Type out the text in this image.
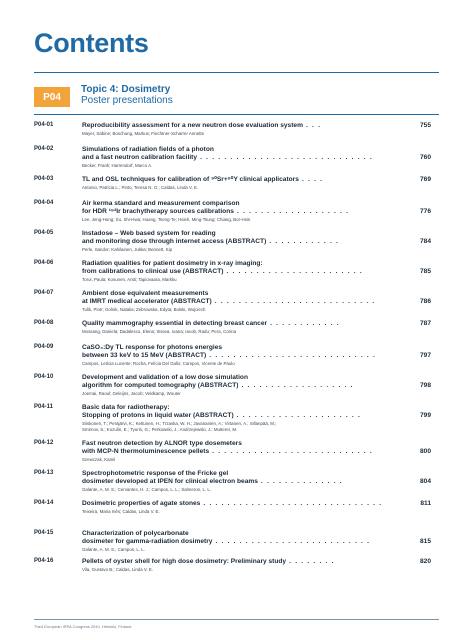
Contents
P04
Topic 4: Dosimetry
Poster presentations
P04-01	Reproducibility assessment for a new neutron dose evaluation system . . .
Mayer, Sabine; Boschung, Markus; Fiechtner-Scharrer Annette
755
P04-02	Simulations of radiation fields of a photon
and a fast neutron calibration facility . . . . . . . . . . . . . . . . . . . . . . . . . . . . .
Becker, Frank; Harrendorf, Marco A.
760
P04-03	TL and OSL techniques for calibration of ⁹⁰Sr+⁹⁰Y clinical applicators . . . .
Antonio, Patrícia L.; Pinto, Teresa N. O.; Caldas, Linda V. E.
769
P04-04	Air kerma standard and measurement comparison
for HDR ¹⁹²Ir brachytherapy sources calibrations . . . . . . . . . . . . . . . . . . .
Lee, Jeng-Hung; Su, Shi-Hwa; Huang, Tseng-Te; Hsieh, Ming-Tsung; Chiang, Bor-Hsin
776
P04-05	Instadose – Web based system for reading
and monitoring dose through internet access (ABSTRACT) . . . . . . . . . . . .
Perle, Sandor; Kahilainen, Jukka; Bennett, Kip
784
P04-06	Radiation qualities for patient dosimetry in x-ray imaging:
from calibrations to clinical use (ABSTRACT) . . . . . . . . . . . . . . . . . . . . . . .
Toroi, Paula; Kosunen, Antti; Tapiovaara, Markku
785
P04-07	Ambient dose equivalent measurements
at IMRT medical accelerator (ABSTRACT) . . . . . . . . . . . . . . . . . . . . . . . . . . .
Tulik, Piotr; Golnik, Natalia; Zebrowska, Edyta; Bulski, Wojciech
786
P04-08	Quality mammography essential in detecting breast cancer . . . . . . . . . . . .
Mossang, Daniela; Dadalescu, Elena; Stroea, Ioana; Iacob, Radu; Pera, Corina
787
P04-09	CaSO₄:Dy TL response for photons energies
between 33 keV to 15 MeV (ABSTRACT) . . . . . . . . . . . . . . . . . . . . . . . . . . . .
Campos, Letícia Lucente; Rocha, Felícia Del Gallo; Campos, Vicente de Paulo
797
P04-10	Development and validation of a low dose simulation
algorithm for computed tomography (ABSTRACT) . . . . . . . . . . . . . . . . . . .
Joemai, Raoul; Geleijns, Jacob; Veldkamp, Wouter
798
P04-11	Basic data for radiotherapy:
Stopping of protons in liquid water (ABSTRACT) . . . . . . . . . . . . . . . . . . . . .
Siiskonen, T.; Peräjärvi, K.; Kettunen, H.; Trzaska, W. H.; Javanainen, A.; Virtanen, A.; Sillanpää, M.;
Smirnov, S.; Kozulin, E.; Tyurin, G.; Perkowski, J.; Andrzejewski, J.; Mutterer, M.
799
P04-12	Fast neutron detection by ALNOR type dosemeters
with MCP-N thermoluminescence pellets . . . . . . . . . . . . . . . . . . . . . . . . . . .
Szewczak, Kamil
800
P04-13	Spectrophotometric response of the Fricke gel
dosimeter developed at IPEN for clinical electron beams . . . . . . . . . . . . . .
Galante, A. M. S.; Cervantes, H. J.; Campos, L. L.; Salmeron, L. L.
804
P04-14	Dosimetric properties of agate stones . . . . . . . . . . . . . . . . . . . . . . . . . . . . . .
Teixeira, Maria Inês; Caldas, Linda V. E.
811
P04-15	Characterization of polycarbonate
dosimeter for gamma-radiation dosimetry . . . . . . . . . . . . . . . . . . . . . . . . . .
Galante, A. M. S.; Campos, L. L.
815
P04-16	Pellets of oyster shell for high dose dosimetry: Preliminary study . . . . . . . .
Vila, Gustavo B.; Caldas, Linda V. E.
820
Third European IRPA Congress 2010, Helsinki, Finland
